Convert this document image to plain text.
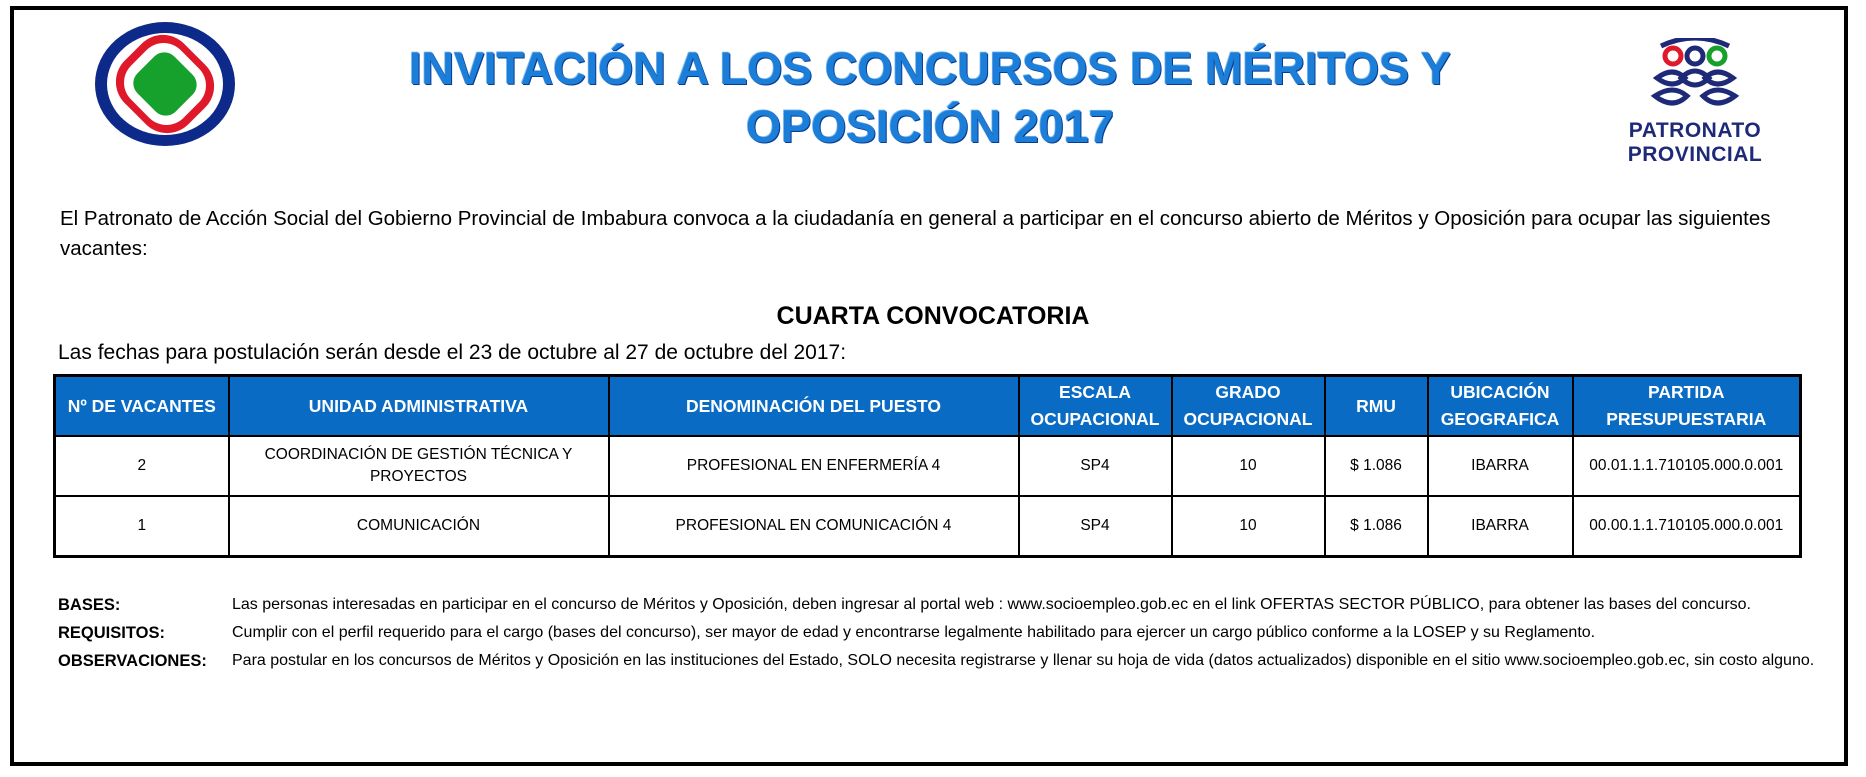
PATRONATO
PROVINCIAL
INVITACIÓN A LOS CONCURSOS DE MÉRITOS Y
OPOSICIÓN 2017
El Patronato de Acción Social del Gobierno Provincial de Imbabura convoca a la ciudadanía en general a participar en el concurso abierto de Méritos y Oposición para ocupar las siguientes vacantes:
CUARTA CONVOCATORIA
Las fechas para postulación serán desde el 23 de octubre al 27 de octubre del 2017:
Nº DE VACANTES	UNIDAD ADMINISTRATIVA	DENOMINACIÓN DEL PUESTO	ESCALA OCUPACIONAL	GRADO OCUPACIONAL	RMU	UBICACIÓN GEOGRAFICA	PARTIDA PRESUPUESTARIA
2	COORDINACIÓN DE GESTIÓN TÉCNICA Y PROYECTOS	PROFESIONAL EN ENFERMERÍA 4	SP4	10	$ 1.086	IBARRA	00.01.1.1.710105.000.0.001
1	COMUNICACIÓN	PROFESIONAL EN COMUNICACIÓN 4	SP4	10	$ 1.086	IBARRA	00.00.1.1.710105.000.0.001
BASES:	Las personas interesadas en participar en el concurso de Méritos y Oposición, deben ingresar al portal web : www.socioempleo.gob.ec en el link OFERTAS SECTOR PÚBLICO, para obtener las bases del concurso.
REQUISITOS:	Cumplir con el perfil requerido para el cargo (bases del concurso), ser mayor de edad y encontrarse legalmente habilitado para ejercer un cargo público conforme a la LOSEP y su Reglamento.
OBSERVACIONES:	Para postular en los concursos de Méritos y Oposición en las instituciones del Estado, SOLO necesita registrarse y llenar su hoja de vida (datos actualizados) disponible en el sitio www.socioempleo.gob.ec, sin costo alguno.
